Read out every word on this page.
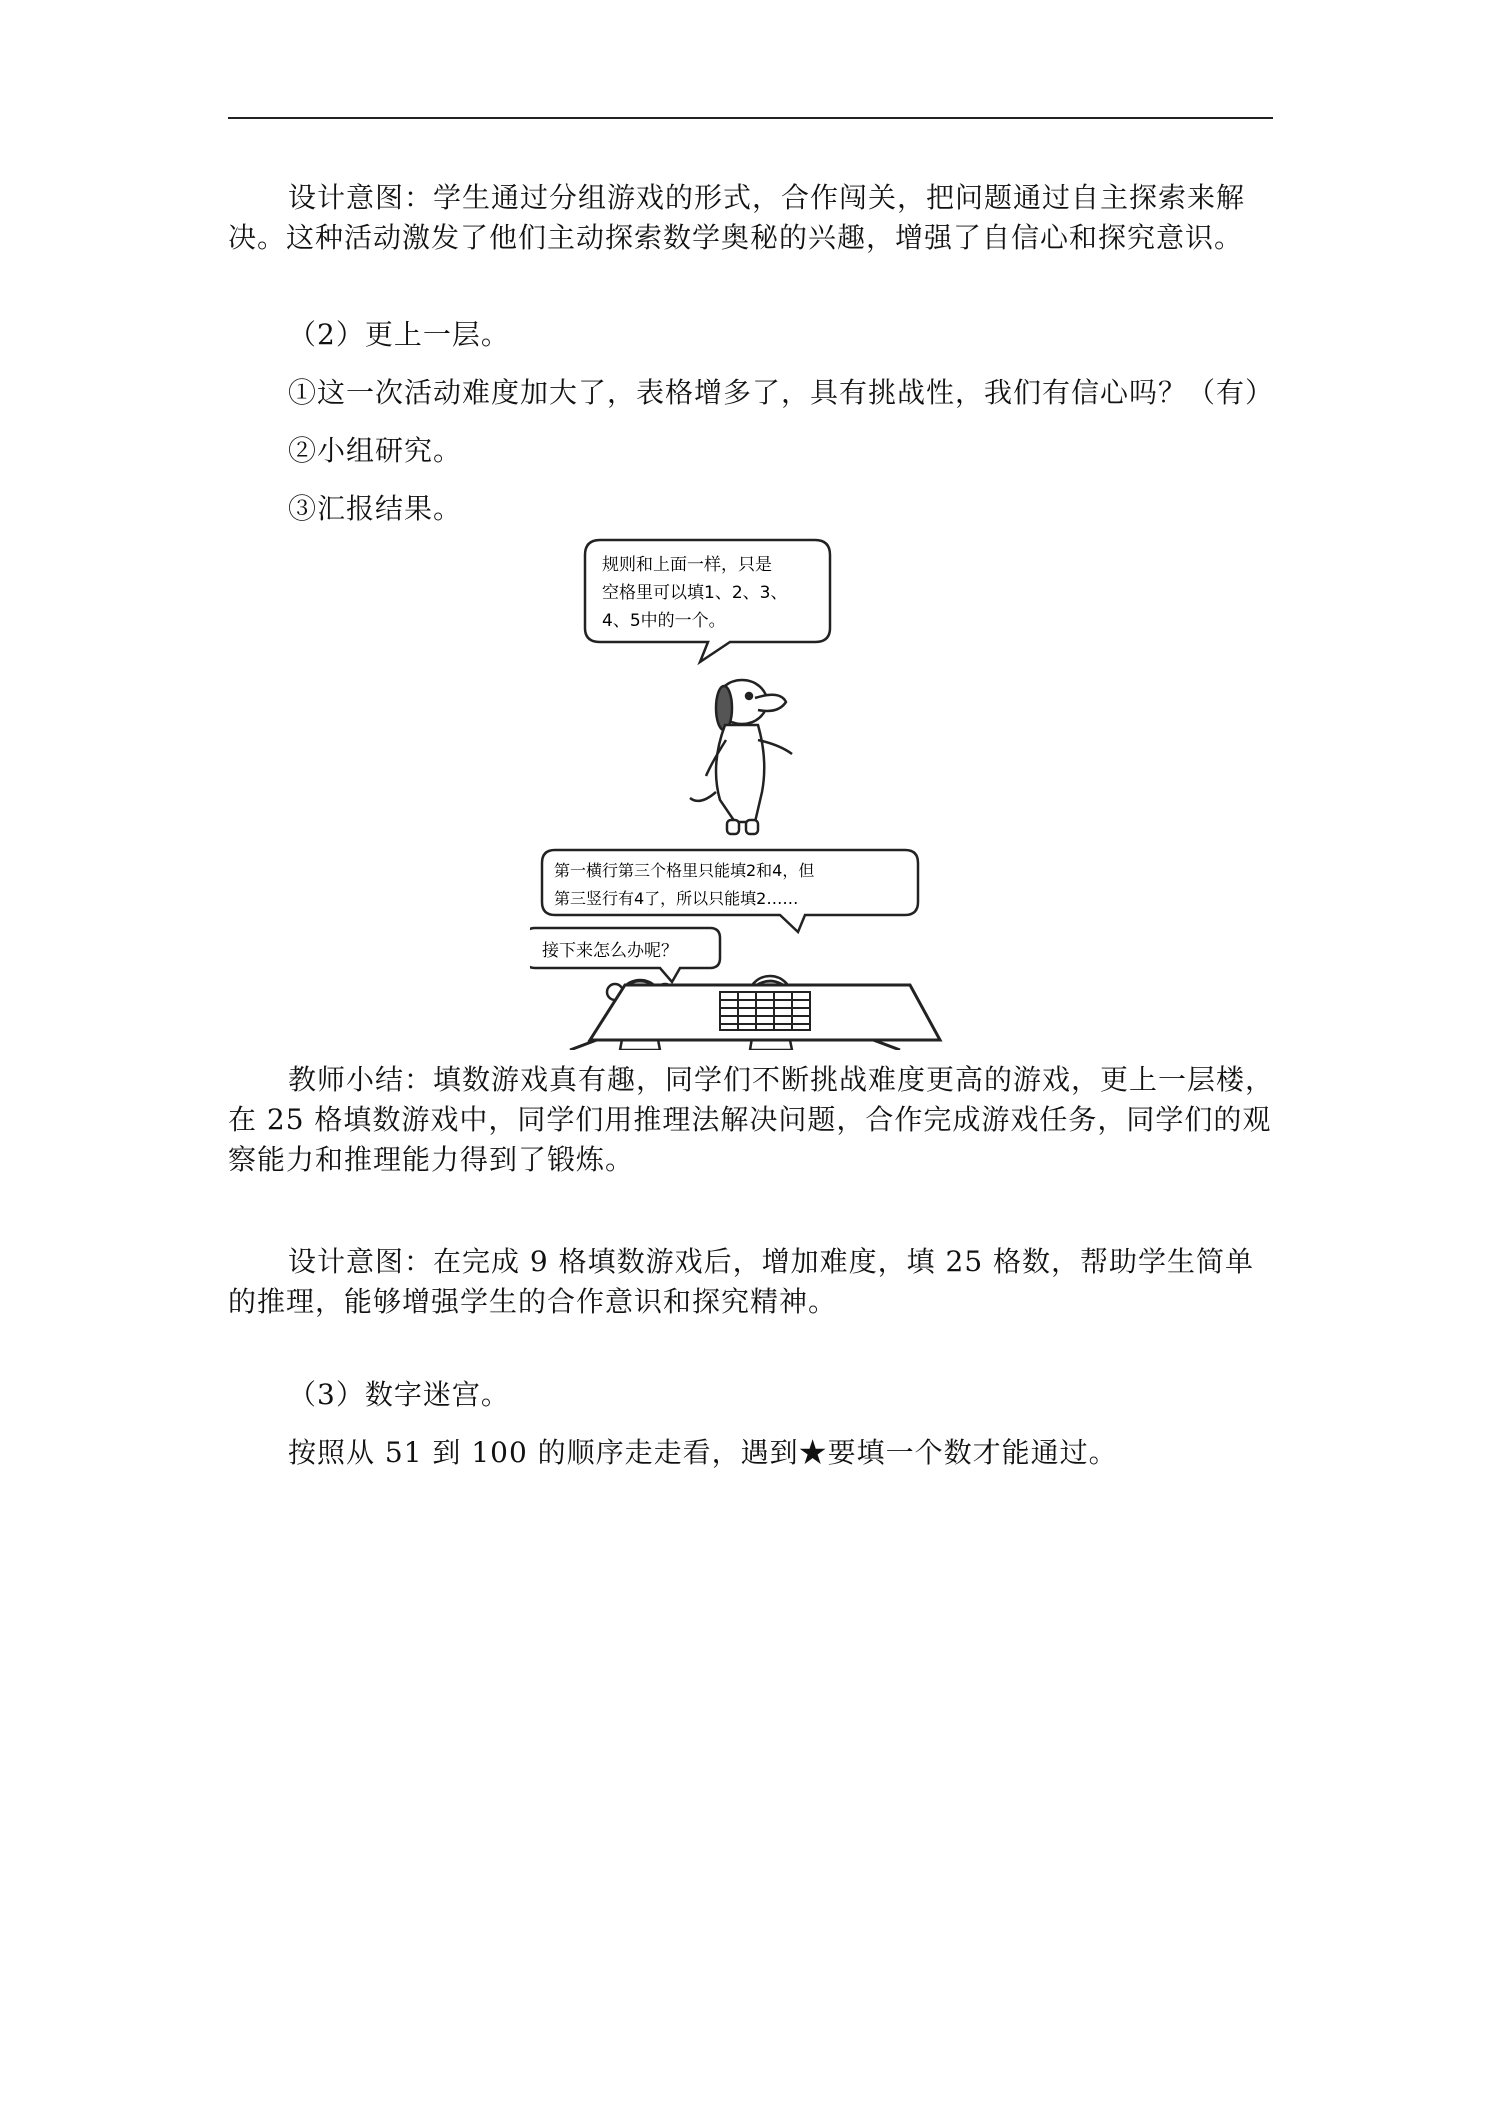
设计意图：学生通过分组游戏的形式，合作闯关，把问题通过自主探索来解决。这种活动激发了他们主动探索数学奥秘的兴趣，增强了自信心和探究意识。

（2）更上一层。
①这一次活动难度加大了，表格增多了，具有挑战性，我们有信心吗？（有）
②小组研究。
③汇报结果。
规则和上面一样，只是
空格里可以填1、2、3、
4、5中的一个。
第一横行第三个格里只能填2和4，但
第三竖行有4了，所以只能填2……
接下来怎么办呢？

教师小结：填数游戏真有趣，同学们不断挑战难度更高的游戏，更上一层楼，在 25 格填数游戏中，同学们用推理法解决问题，合作完成游戏任务，同学们的观察能力和推理能力得到了锻炼。

设计意图：在完成 9 格填数游戏后，增加难度，填 25 格数，帮助学生简单的推理，能够增强学生的合作意识和探究精神。

（3）数字迷宫。
按照从 51 到 100 的顺序走走看，遇到★要填一个数才能通过。
